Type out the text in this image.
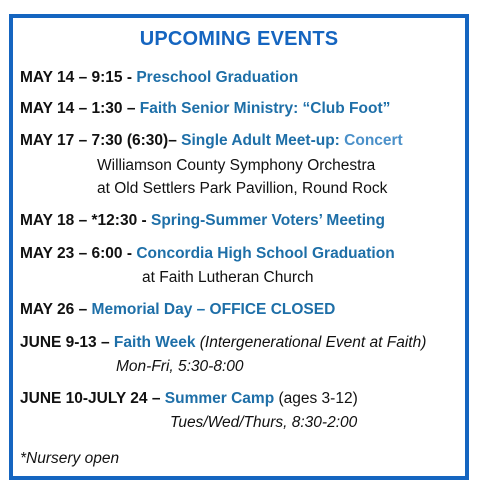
UPCOMING EVENTS
MAY 14 – 9:15 - Preschool Graduation
MAY 14 – 1:30 – Faith Senior Ministry: “Club Foot”
MAY 17 – 7:30 (6:30)– Single Adult Meet-up: Concert
Williamson County Symphony Orchestra
at Old Settlers Park Pavillion, Round Rock
MAY 18 – *12:30 - Spring-Summer Voters’ Meeting
MAY 23 – 6:00 - Concordia High School Graduation
at Faith Lutheran Church
MAY 26 – Memorial Day – OFFICE CLOSED
JUNE 9-13 – Faith Week (Intergenerational Event at Faith)
Mon-Fri, 5:30-8:00
JUNE 10-JULY 24 – Summer Camp (ages 3-12)
Tues/Wed/Thurs, 8:30-2:00
*Nursery open
